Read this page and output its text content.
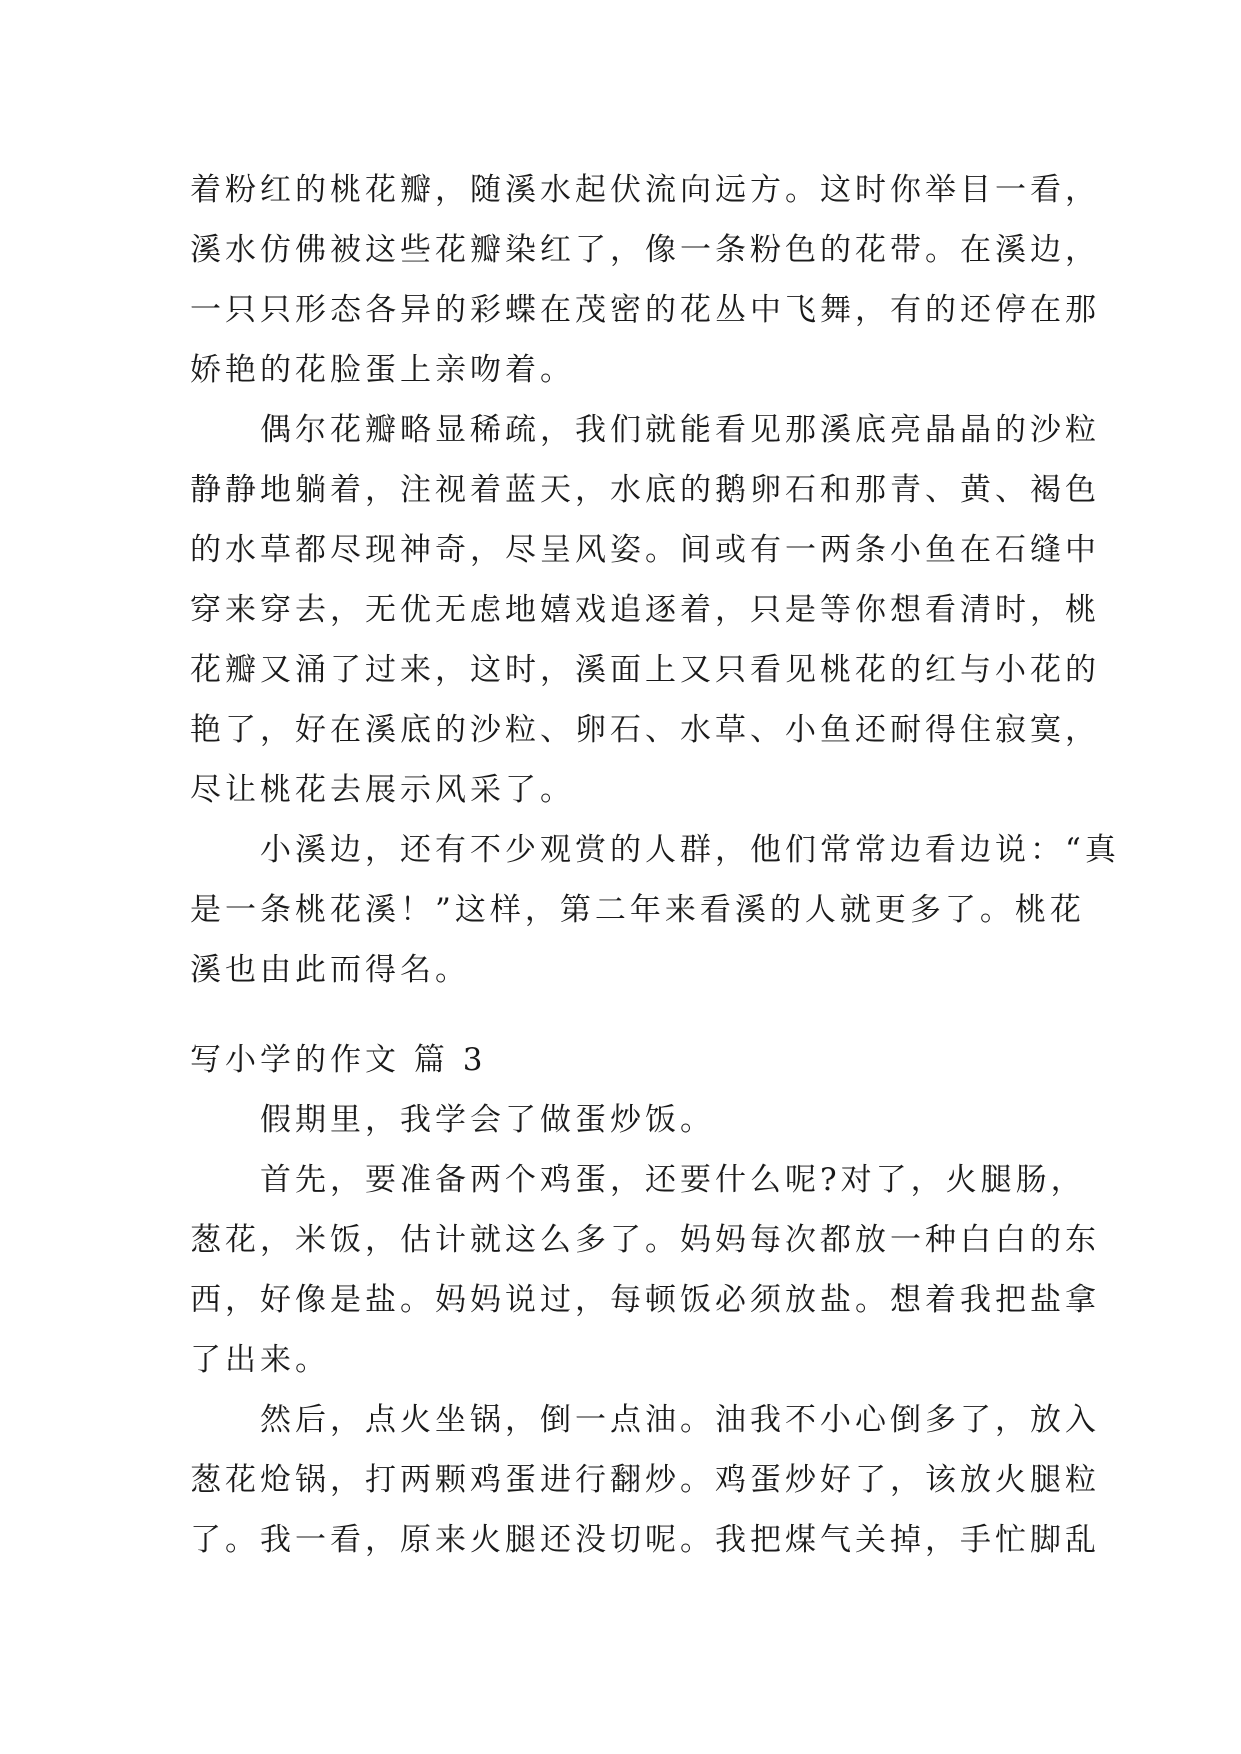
着粉红的桃花瓣，随溪水起伏流向远方。这时你举目一看，
溪水仿佛被这些花瓣染红了，像一条粉色的花带。在溪边，
一只只形态各异的彩蝶在茂密的花丛中飞舞，有的还停在那
娇艳的花脸蛋上亲吻着。
　　偶尔花瓣略显稀疏，我们就能看见那溪底亮晶晶的沙粒
静静地躺着，注视着蓝天，水底的鹅卵石和那青、黄、褐色
的水草都尽现神奇，尽呈风姿。间或有一两条小鱼在石缝中
穿来穿去，无优无虑地嬉戏追逐着，只是等你想看清时，桃
花瓣又涌了过来，这时，溪面上又只看见桃花的红与小花的
艳了，好在溪底的沙粒、卵石、水草、小鱼还耐得住寂寞，
尽让桃花去展示风采了。
　　小溪边，还有不少观赏的人群，他们常常边看边说：“真
是一条桃花溪！”这样，第二年来看溪的人就更多了。桃花
溪也由此而得名。
写小学的作文 篇 3
　　假期里，我学会了做蛋炒饭。
　　首先，要准备两个鸡蛋，还要什么呢?对了，火腿肠，
葱花，米饭，估计就这么多了。妈妈每次都放一种白白的东
西，好像是盐。妈妈说过，每顿饭必须放盐。想着我把盐拿
了出来。
　　然后，点火坐锅，倒一点油。油我不小心倒多了，放入
葱花炝锅，打两颗鸡蛋进行翻炒。鸡蛋炒好了，该放火腿粒
了。我一看，原来火腿还没切呢。我把煤气关掉，手忙脚乱
